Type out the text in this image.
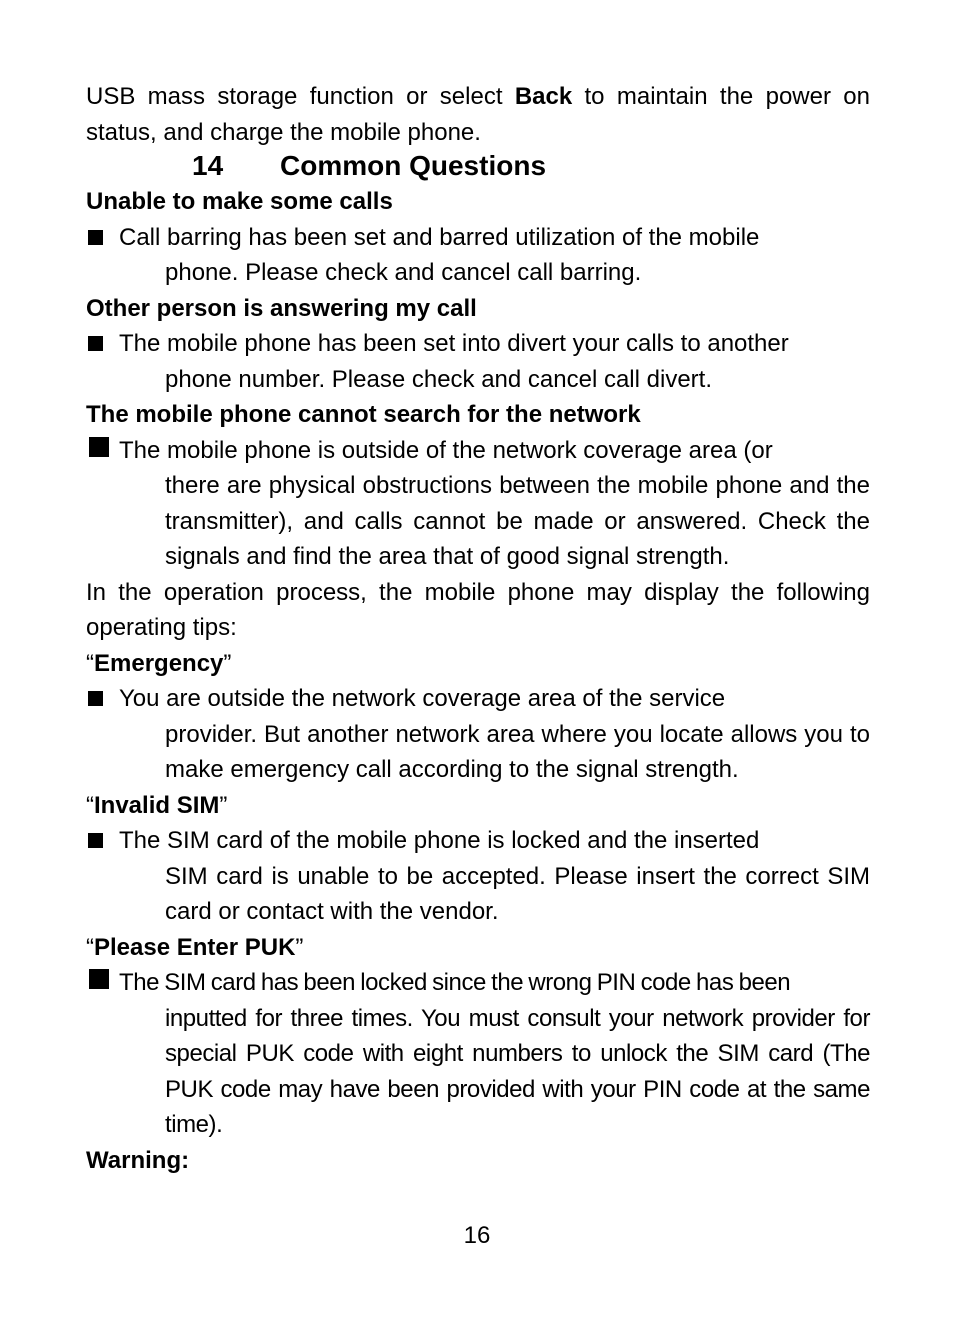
USB mass storage function or select Back to maintain the power on status, and charge the mobile phone.

14 Common Questions

Unable to make some calls

Call barring has been set and barred utilization of the mobile
phone. Please check and cancel call barring.

Other person is answering my call

The mobile phone has been set into divert your calls to another
phone number. Please check and cancel call divert.

The mobile phone cannot search for the network

The mobile phone is outside of the network coverage area (or
there are physical obstructions between the mobile phone and the transmitter), and calls cannot be made or answered. Check the signals and find the area that of good signal strength.

In the operation process, the mobile phone may display the following operating tips:

“Emergency”

You are outside the network coverage area of the service
provider. But another network area where you locate allows you to make emergency call according to the signal strength.

“Invalid SIM”

The SIM card of the mobile phone is locked and the inserted
SIM card is unable to be accepted. Please insert the correct SIM card or contact with the vendor.

“Please Enter PUK”

The SIM card has been locked since the wrong PIN code has been
inputted for three times. You must consult your network provider for special PUK code with eight numbers to unlock the SIM card (The PUK code may have been provided with your PIN code at the same time).

Warning:

16
